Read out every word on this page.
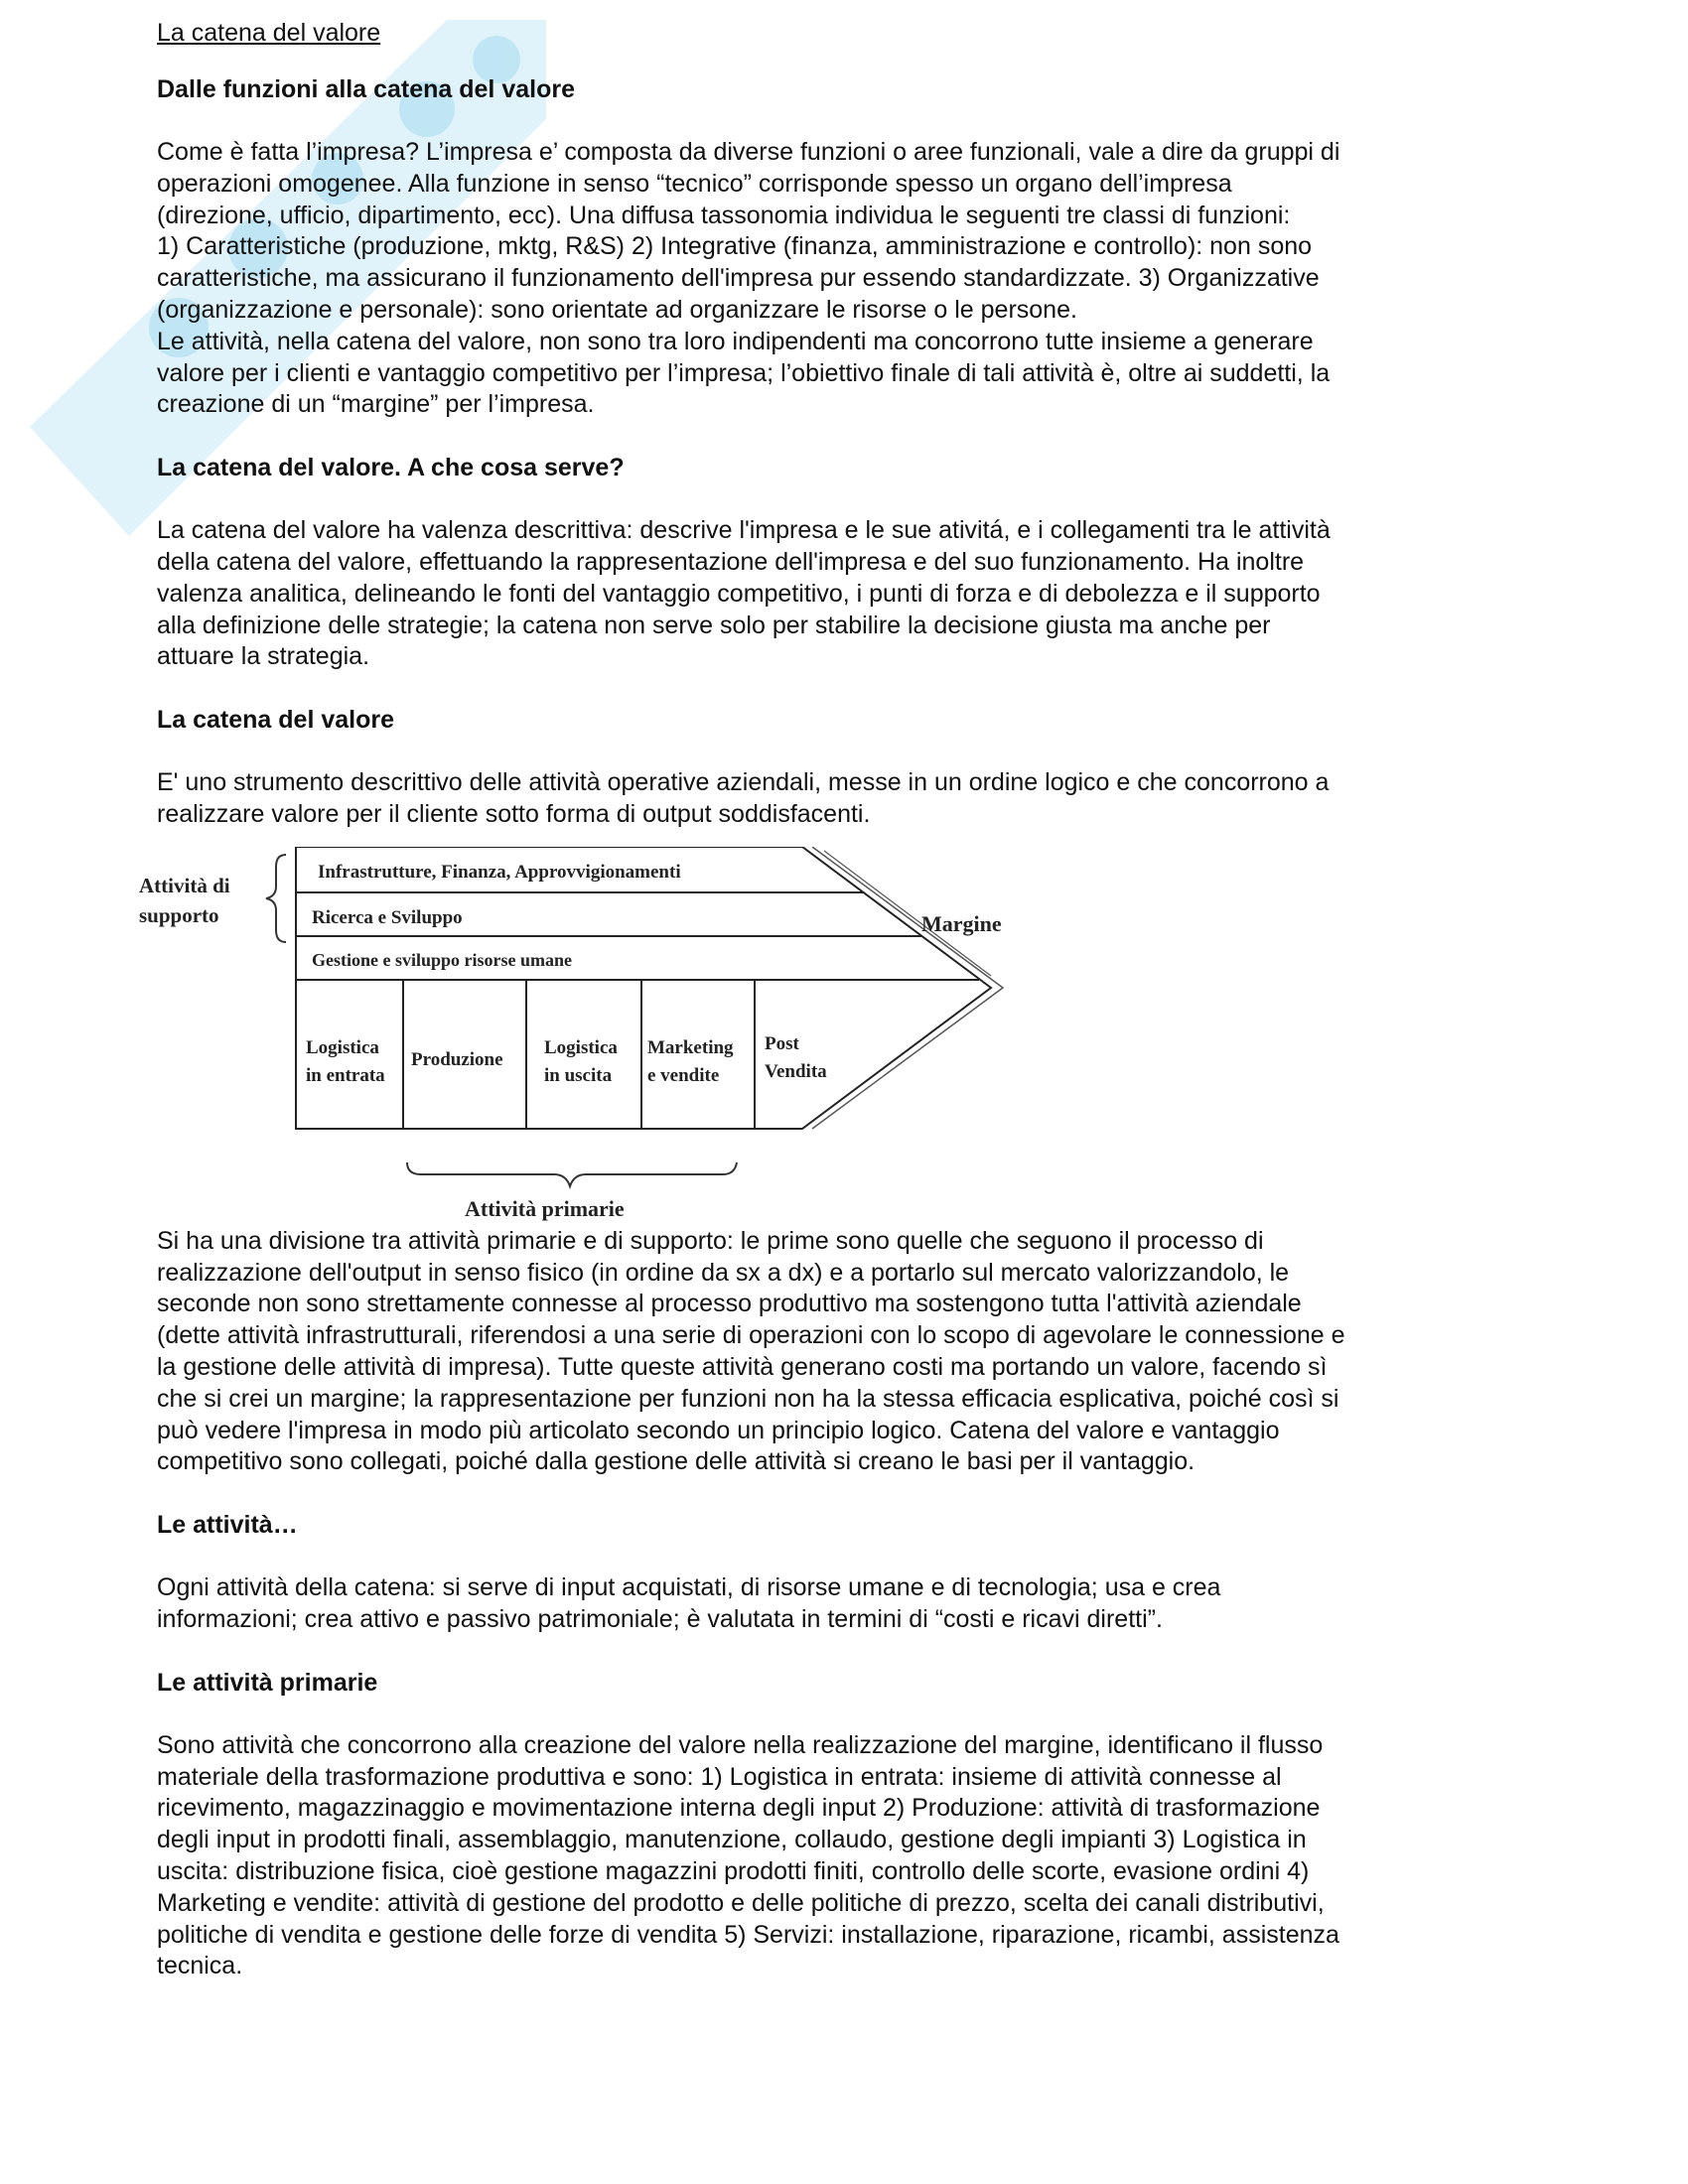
La catena del valore
Dalle funzioni alla catena del valore

Come è fatta l’impresa? L’impresa e’ composta da diverse funzioni o aree funzionali, vale a dire da gruppi di
operazioni omogenee. Alla funzione in senso “tecnico” corrisponde spesso un organo dell’impresa
(direzione, ufficio, dipartimento, ecc). Una diffusa tassonomia individua le seguenti tre classi di funzioni:
1) Caratteristiche (produzione, mktg, R&S) 2) Integrative (finanza, amministrazione e controllo): non sono
caratteristiche, ma assicurano il funzionamento dell'impresa pur essendo standardizzate. 3) Organizzative
(organizzazione e personale): sono orientate ad organizzare le risorse o le persone.
Le attività, nella catena del valore, non sono tra loro indipendenti ma concorrono tutte insieme a generare
valore per i clienti e vantaggio competitivo per l’impresa; l’obiettivo finale di tali attività è, oltre ai suddetti, la
creazione di un “margine” per l’impresa.

La catena del valore. A che cosa serve?

La catena del valore ha valenza descrittiva: descrive l'impresa e le sue ativitá, e i collegamenti tra le attività
della catena del valore, effettuando la rappresentazione dell'impresa e del suo funzionamento. Ha inoltre
valenza analitica, delineando le fonti del vantaggio competitivo, i punti di forza e di debolezza e il supporto
alla definizione delle strategie; la catena non serve solo per stabilire la decisione giusta ma anche per
attuare la strategia.

La catena del valore

E' uno strumento descrittivo delle attività operative aziendali, messe in un ordine logico e che concorrono a
realizzare valore per il cliente sotto forma di output soddisfacenti.

Attività di
supporto
Infrastrutture, Finanza, Approvvigionamenti
Ricerca e Sviluppo
Gestione e sviluppo risorse umane
Margine
Logistica
in entrata
Produzione
Logistica
in uscita
Marketing
e vendite
Post
Vendita
Attività primarie

Si ha una divisione tra attività primarie e di supporto: le prime sono quelle che seguono il processo di
realizzazione dell'output in senso fisico (in ordine da sx a dx) e a portarlo sul mercato valorizzandolo, le
seconde non sono strettamente connesse al processo produttivo ma sostengono tutta l'attività aziendale
(dette attività infrastrutturali, riferendosi a una serie di operazioni con lo scopo di agevolare le connessione e
la gestione delle attività di impresa). Tutte queste attività generano costi ma portando un valore, facendo sì
che si crei un margine; la rappresentazione per funzioni non ha la stessa efficacia esplicativa, poiché così si
può vedere l'impresa in modo più articolato secondo un principio logico. Catena del valore e vantaggio
competitivo sono collegati, poiché dalla gestione delle attività si creano le basi per il vantaggio.

Le attività…

Ogni attività della catena: si serve di input acquistati, di risorse umane e di tecnologia; usa e crea
informazioni; crea attivo e passivo patrimoniale; è valutata in termini di “costi e ricavi diretti”.

Le attività primarie

Sono attività che concorrono alla creazione del valore nella realizzazione del margine, identificano il flusso
materiale della trasformazione produttiva e sono: 1) Logistica in entrata: insieme di attività connesse al
ricevimento, magazzinaggio e movimentazione interna degli input 2) Produzione: attività di trasformazione
degli input in prodotti finali, assemblaggio, manutenzione, collaudo, gestione degli impianti 3) Logistica in
uscita: distribuzione fisica, cioè gestione magazzini prodotti finiti, controllo delle scorte, evasione ordini 4)
Marketing e vendite: attività di gestione del prodotto e delle politiche di prezzo, scelta dei canali distributivi,
politiche di vendita e gestione delle forze di vendita 5) Servizi: installazione, riparazione, ricambi, assistenza
tecnica.
